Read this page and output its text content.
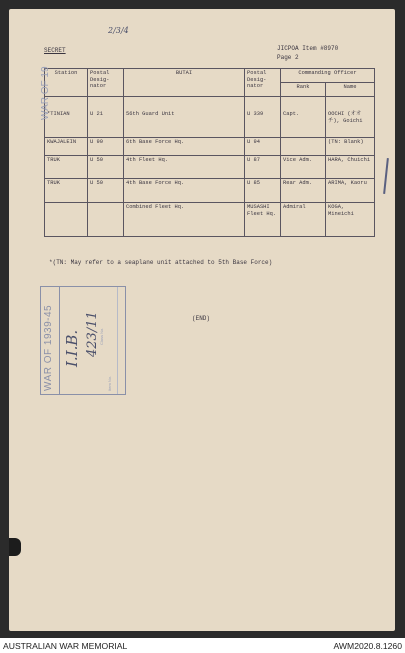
SECRET	JICPOA Item #8970
Page 2
2/3/4
Station	Postal Desig- nator	BUTAI	Postal Desig- nator	Commanding Officer	
				Rank	Name
*TINIAN	U 21	56th Guard Unit	U 339	Capt.	OOCHI (オオチ), Goichi
KWAJALEIN	U 90	6th Base Force Hq.	U 94		(TN: Blank)
TRUK	U 50	4th Fleet Hq.	U 87	Vice Adm.	HARA, Chuichi
TRUK	U 50	4th Base Force Hq.	U 85	Rear Adm.	ARIMA, Kaoru
		Combined Fleet Hq.	MUSASHI Fleet Hq.	Admiral	KOGA, Mineichi
*(TN: May refer to a seaplane unit attached to 5th Base Force)
(END)
WAR OF 19
WAR OF 1939-45	Class No.
Item No.
I.I.B. 423/11
AUSTRALIAN WAR MEMORIAL	AWM2020.8.1260
